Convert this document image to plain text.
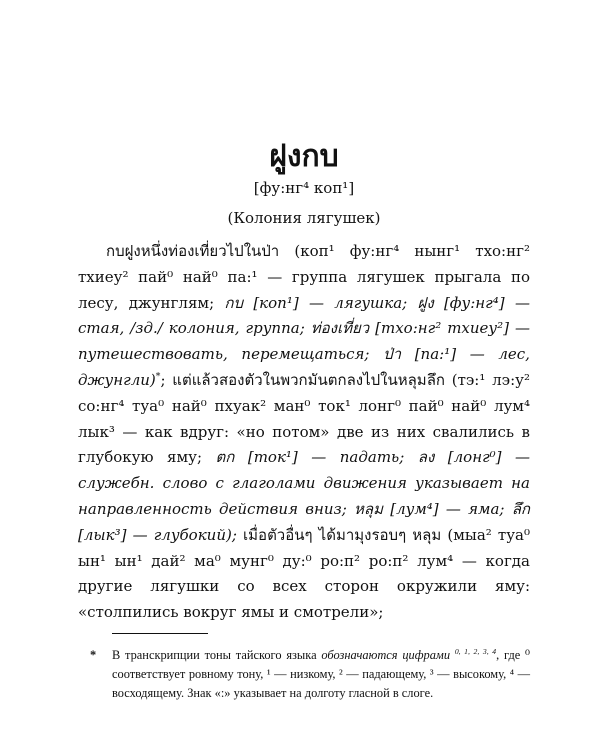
ฝูงกบ
[фу:нг⁴ коп¹]
(Колония лягушек)

กบฝูงหนึ่งท่องเที่ยวไปในป่า (коп¹ фу:нг⁴ нынг¹ тхо:нг² тхиеу² пай⁰ най⁰ па:¹ — группа лягушек прыгала по лесу, джунглям; กบ [коп¹] — лягушка; ฝูง [фу:нг⁴] — стая, /зд./ колония, группа; ท่องเที่ยว [тхо:нг² тхиеу²] — путешествовать, перемещаться; ป่า [па:¹] — лес, джунгли)*; แต่แล้วสองตัวในพวกมันตกลงไปในหลุมลึก (тэ:¹ лэ:у² со:нг⁴ туа⁰ най⁰ пхуак² ман⁰ ток¹ лонг⁰ пай⁰ най⁰ лум⁴ лык³ — как вдруг: «но потом» две из них свалились в глубокую яму; ตก [ток¹] — падать; ลง [лонг⁰] — служебн. слово с глаголами движения указывает на направленность действия вниз; หลุม [лум⁴] — яма; ลึก [лык³] — глубокий); เมื่อตัวอื่นๆ ได้มามุงรอบๆ หลุม (мыа² туа⁰ ын¹ ын¹ дай² ма⁰ мунг⁰ ду:⁰ ро:п² ро:п² лум⁴ — когда другие лягушки со всех сторон окружили яму: «столпились вокруг ямы и смотрели»;

* В транскрипции тоны тайского языка обозначаются цифрами $^{0, 1, 2, 3, 4}$, где ⁰ соответствует ровному тону, ¹ — низкому, ² — падающему, ³ — высокому, ⁴ — восходящему. Знак «:» указывает на долготу гласной в слоге.
